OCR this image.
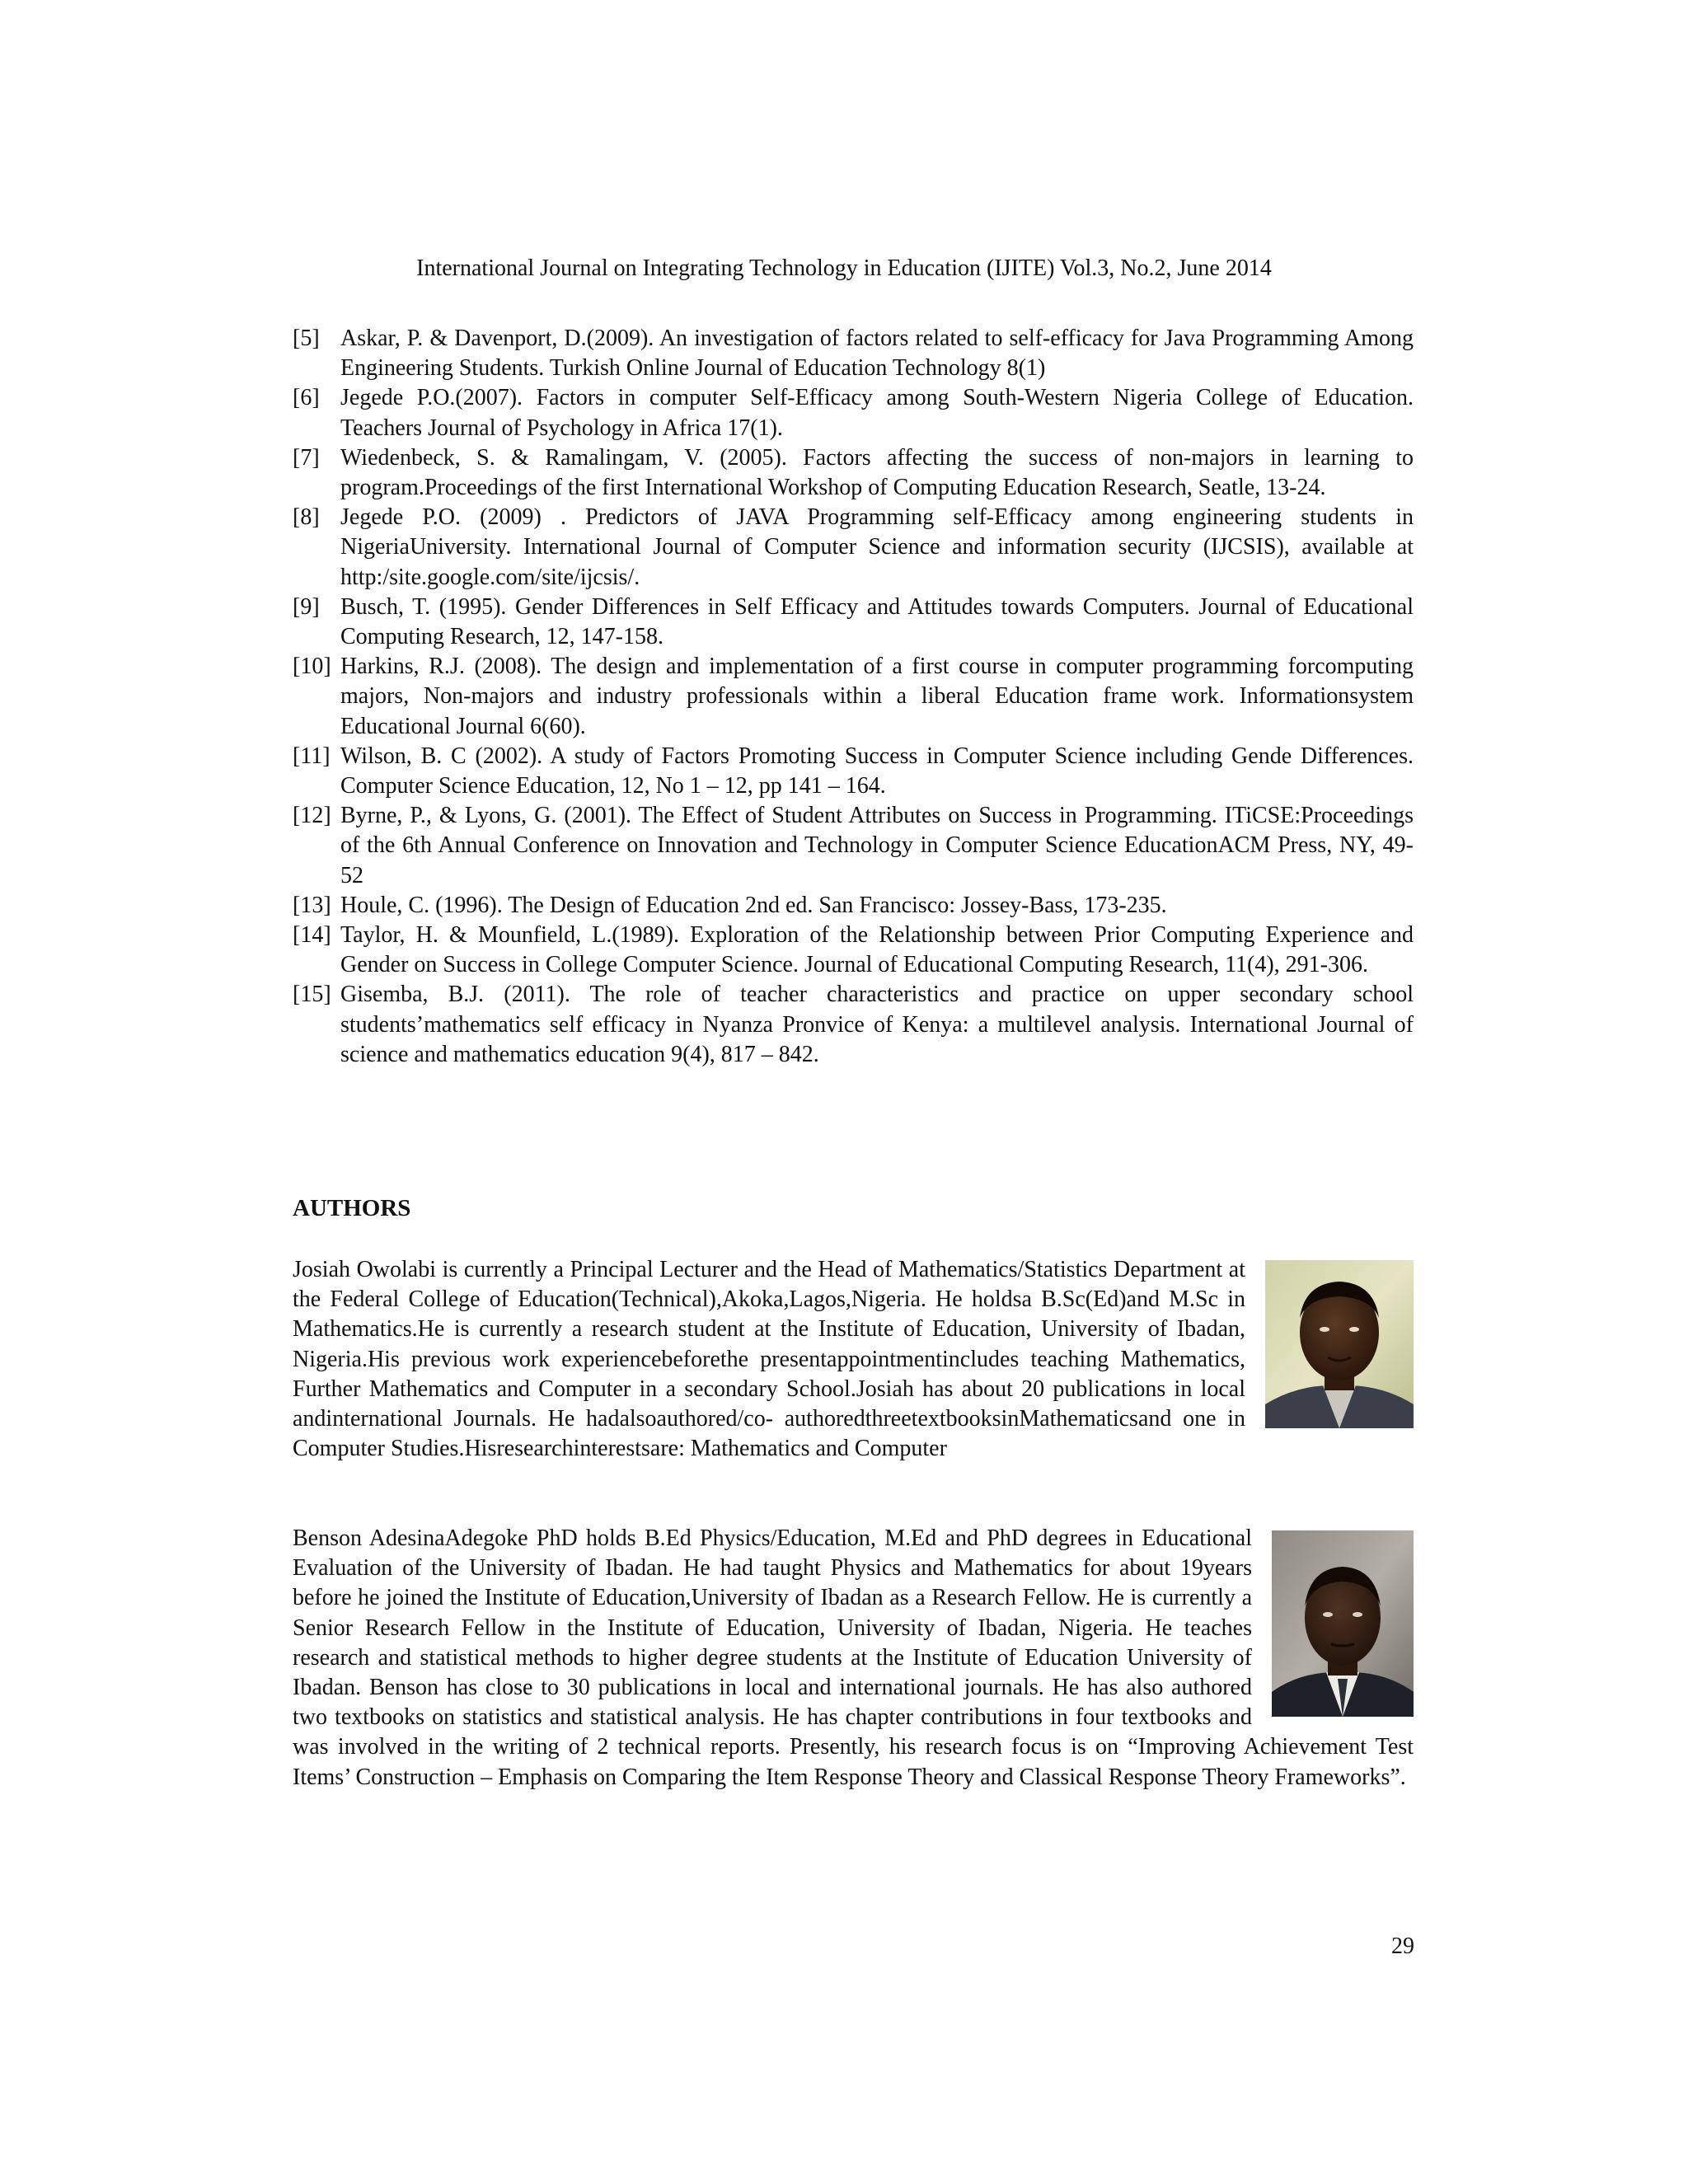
International Journal on Integrating Technology in Education (IJITE) Vol.3, No.2, June 2014
[5] Askar, P. & Davenport, D.(2009). An investigation of factors related to self-efficacy for Java Programming Among Engineering Students. Turkish Online Journal of Education Technology 8(1)
[6] Jegede P.O.(2007). Factors in computer Self-Efficacy among South-Western Nigeria College of Education. Teachers Journal of Psychology in Africa 17(1).
[7] Wiedenbeck, S. & Ramalingam, V. (2005). Factors affecting the success of non-majors in learning to program.Proceedings of the first International Workshop of Computing Education Research, Seatle, 13-24.
[8] Jegede P.O. (2009) . Predictors of JAVA Programming self-Efficacy among engineering students in NigeriaUniversity. International Journal of Computer Science and information security (IJCSIS), available at http:/site.google.com/site/ijcsis/.
[9] Busch, T. (1995). Gender Differences in Self Efficacy and Attitudes towards Computers. Journal of Educational Computing Research, 12, 147-158.
[10] Harkins, R.J. (2008). The design and implementation of a first course in computer programming forcomputing majors, Non-majors and industry professionals within a liberal Education frame work. Informationsystem Educational Journal 6(60).
[11] Wilson, B. C (2002). A study of Factors Promoting Success in Computer Science including Gende Differences. Computer Science Education, 12, No 1 – 12, pp 141 – 164.
[12] Byrne, P., & Lyons, G. (2001). The Effect of Student Attributes on Success in Programming. ITiCSE:Proceedings of the 6th Annual Conference on Innovation and Technology in Computer Science EducationACM Press, NY, 49-52
[13] Houle, C. (1996). The Design of Education 2nd ed. San Francisco: Jossey-Bass, 173-235.
[14] Taylor, H. & Mounfield, L.(1989). Exploration of the Relationship between Prior Computing Experience and Gender on Success in College Computer Science. Journal of Educational Computing Research, 11(4), 291-306.
[15] Gisemba, B.J. (2011). The role of teacher characteristics and practice on upper secondary school students’mathematics self efficacy in Nyanza Pronvice of Kenya: a multilevel analysis. International Journal of science and mathematics education 9(4), 817 – 842.
AUTHORS
Josiah Owolabi is currently a Principal Lecturer and the Head of Mathematics/Statistics Department at the Federal College of Education(Technical),Akoka,Lagos,Nigeria. He holdsa B.Sc(Ed)and M.Sc in Mathematics.He is currently a research student at the Institute of Education, University of Ibadan, Nigeria.His previous work experiencebeforethe presentappointmentincludes teaching Mathematics, Further Mathematics and Computer in a secondary School.Josiah has about 20 publications in local andinternational Journals. He hadalsoauthored/co- authoredthreetextbooksinMathematicsand one in Computer Studies.Hisresearchinterestsare: Mathematics and Computer
Benson AdesinaAdegoke PhD holds B.Ed Physics/Education, M.Ed and PhD degrees in Educational Evaluation of the University of Ibadan. He had taught Physics and Mathematics for about 19years before he joined the Institute of Education,University of Ibadan as a Research Fellow. He is currently a Senior Research Fellow in the Institute of Education, University of Ibadan, Nigeria. He teaches research and statistical methods to higher degree students at the Institute of Education University of Ibadan. Benson has close to 30 publications in local and international journals. He has also authored two textbooks on statistics and statistical analysis. He has chapter contributions in four textbooks and was involved in the writing of 2 technical reports. Presently, his research focus is on “Improving Achievement Test Items’ Construction – Emphasis on Comparing the Item Response Theory and Classical Response Theory Frameworks”.
29
